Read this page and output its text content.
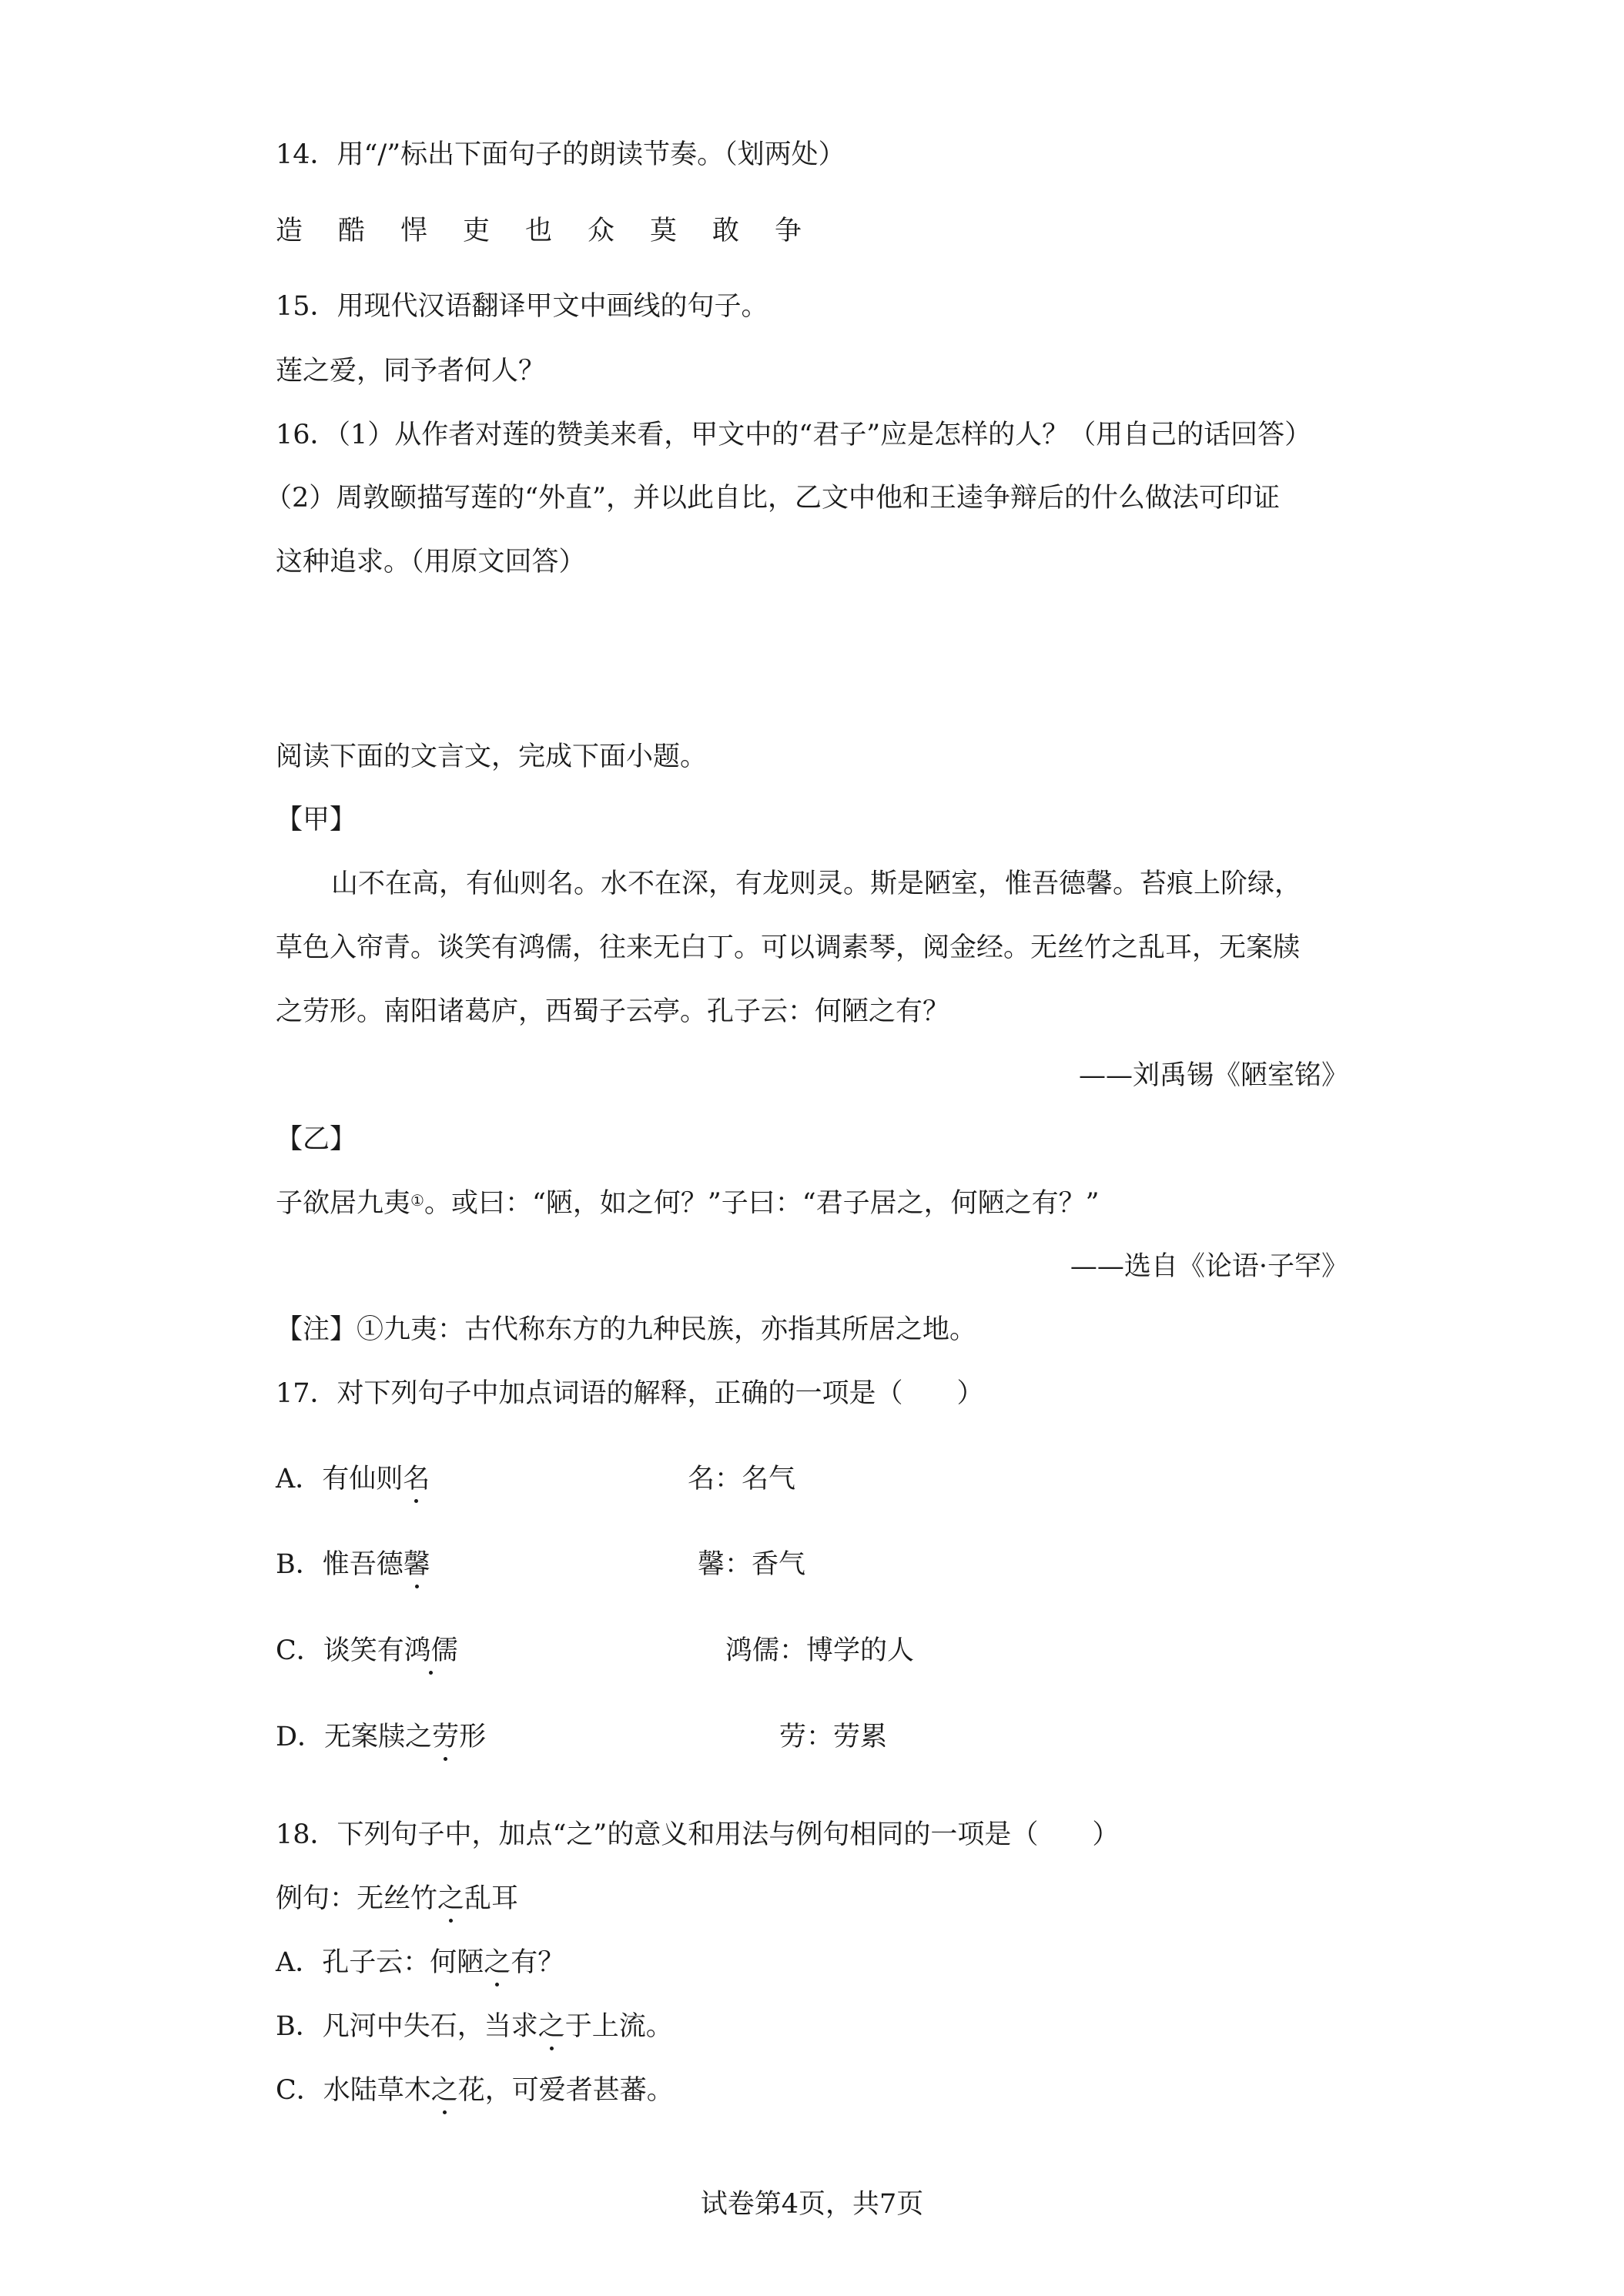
14．用“/”标出下面句子的朗读节奏。（划两处）
造 酷 悍 吏 也 众 莫 敢 争
15．用现代汉语翻译甲文中画线的句子。
莲之爱，同予者何人？
16．（1）从作者对莲的赞美来看，甲文中的“君子”应是怎样的人？（用自己的话回答）
（2）周敦颐描写莲的“外直”，并以此自比，乙文中他和王逵争辩后的什么做法可印证
这种追求。（用原文回答）
阅读下面的文言文，完成下面小题。
【甲】
山不在高，有仙则名。水不在深，有龙则灵。斯是陋室，惟吾德馨。苔痕上阶绿，
草色入帘青。谈笑有鸿儒，往来无白丁。可以调素琴，阅金经。无丝竹之乱耳，无案牍
之劳形。南阳诸葛庐，西蜀子云亭。孔子云：何陋之有？
——刘禹锡《陋室铭》
【乙】
子欲居九夷①。或曰：“陋，如之何？”子曰：“君子居之，何陋之有？”
——选自《论语·子罕》
【注】①九夷：古代称东方的九种民族，亦指其所居之地。
17．对下列句子中加点词语的解释，正确的一项是（　　）
A．有仙则名	名：名气
B．惟吾德馨	馨：香气
C．谈笑有鸿儒	鸿儒：博学的人
D．无案牍之劳形	劳：劳累
18．下列句子中，加点“之”的意义和用法与例句相同的一项是（　　）
例句：无丝竹之乱耳
A．孔子云：何陋之有？
B．凡河中失石，当求之于上流。
C．水陆草木之花，可爱者甚蕃。
试卷第4页，共7页
